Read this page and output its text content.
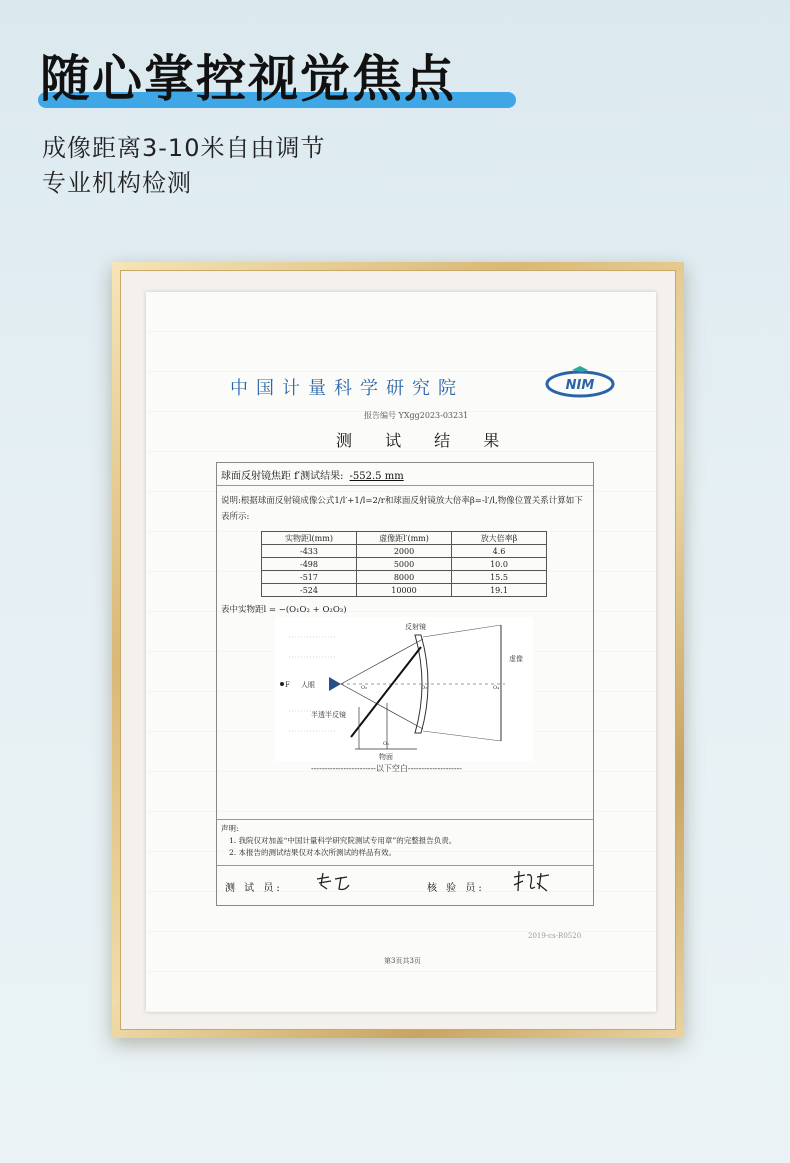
随心掌控视觉焦点
成像距离3-10米自由调节
专业机构检测
中国计量科学研究院	NIM
报告编号 YXgg2023-03231
测 试 结 果
球面反射镜焦距 f′测试结果: -552.5 mm
说明:根据球面反射镜成像公式1/l′+1/l=2/r和球面反射镜放大倍率β=-l′/l,物像位置关系计算如下表所示:
实物距l(mm)	虚像距l′(mm)	放大倍率β
-433	2000	4.6
-498	5000	10.0
-517	8000	15.5
-524	10000	19.1
表中实物距l = −(O₁O₂ + O₂O₃)
反射镜
虚像
人眼
F
半透半反镜
物面
O₂	O₃	O₄
O₁
------------------------以下空白--------------------
声明:
1. 我院仅对加盖“中国计量科学研究院测试专用章”的完整报告负责。
2. 本报告的测试结果仅对本次所测试的样品有效。
测 试 员:	核 验 员:
2019-cs-R0520
第3页共3页
